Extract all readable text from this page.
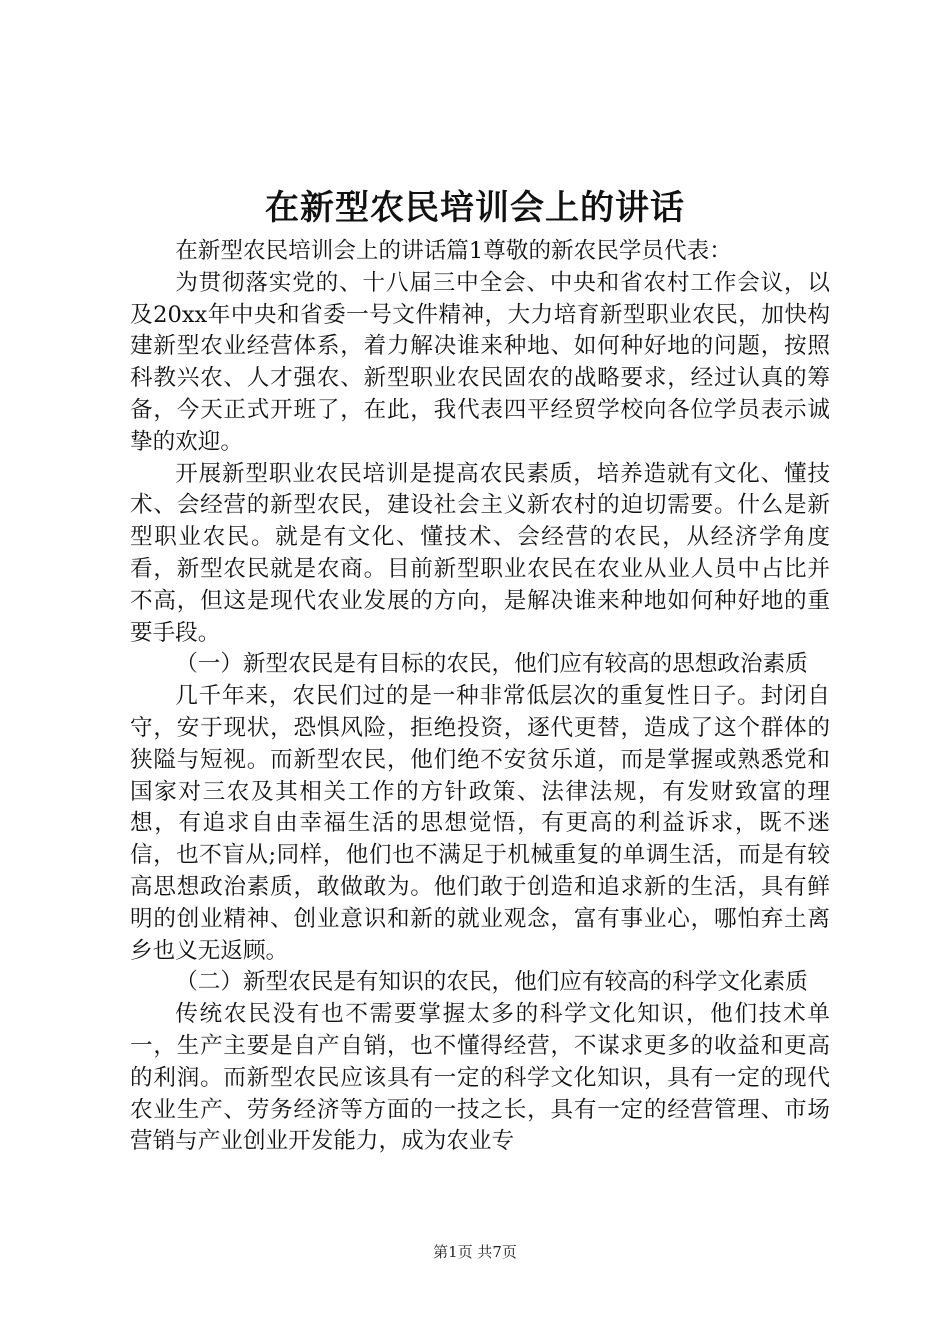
在新型农民培训会上的讲话

在新型农民培训会上的讲话篇1尊敬的新农民学员代表：

为贯彻落实党的、十八届三中全会、中央和省农村工作会议，以及20xx年中央和省委一号文件精神，大力培育新型职业农民，加快构建新型农业经营体系，着力解决谁来种地、如何种好地的问题，按照科教兴农、人才强农、新型职业农民固农的战略要求，经过认真的筹备，今天正式开班了，在此，我代表四平经贸学校向各位学员表示诚挚的欢迎。

开展新型职业农民培训是提高农民素质，培养造就有文化、懂技术、会经营的新型农民，建设社会主义新农村的迫切需要。什么是新型职业农民。就是有文化、懂技术、会经营的农民，从经济学角度看，新型农民就是农商。目前新型职业农民在农业从业人员中占比并不高，但这是现代农业发展的方向，是解决谁来种地如何种好地的重要手段。

（一）新型农民是有目标的农民，他们应有较高的思想政治素质

几千年来，农民们过的是一种非常低层次的重复性日子。封闭自守，安于现状，恐惧风险，拒绝投资，逐代更替，造成了这个群体的狭隘与短视。而新型农民，他们绝不安贫乐道，而是掌握或熟悉党和国家对三农及其相关工作的方针政策、法律法规，有发财致富的理想，有追求自由幸福生活的思想觉悟，有更高的利益诉求，既不迷信，也不盲从;同样，他们也不满足于机械重复的单调生活，而是有较高思想政治素质，敢做敢为。他们敢于创造和追求新的生活，具有鲜明的创业精神、创业意识和新的就业观念，富有事业心，哪怕弃土离乡也义无返顾。

（二）新型农民是有知识的农民，他们应有较高的科学文化素质

传统农民没有也不需要掌握太多的科学文化知识，他们技术单一，生产主要是自产自销，也不懂得经营，不谋求更多的收益和更高的利润。而新型农民应该具有一定的科学文化知识，具有一定的现代农业生产、劳务经济等方面的一技之长，具有一定的经营管理、市场营销与产业创业开发能力，成为农业专

第1页 共7页
